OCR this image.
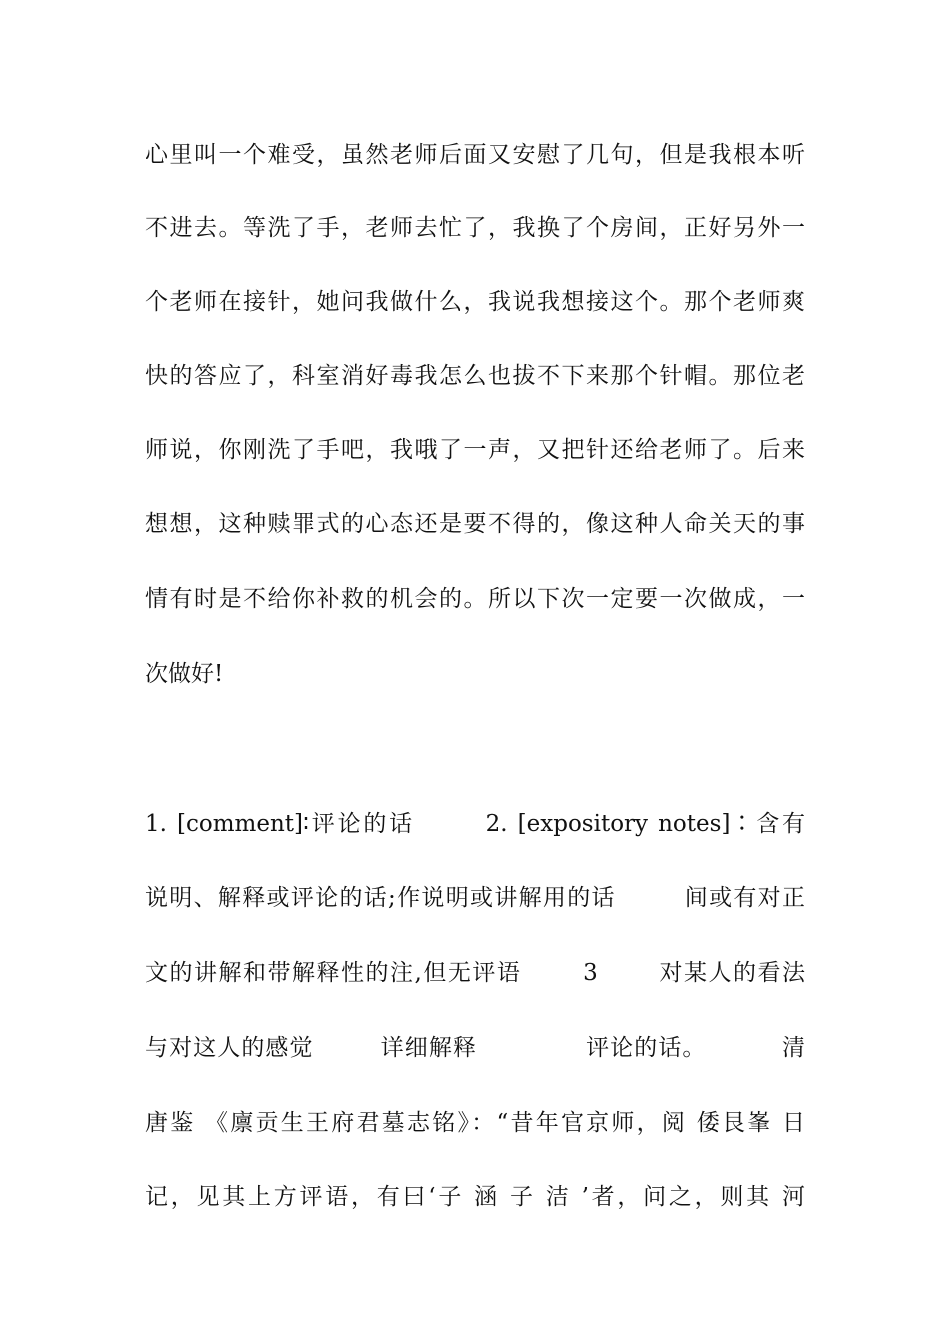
心里叫一个难受，虽然老师后面又安慰了几句，但是我根本听
不进去。等洗了手，老师去忙了，我换了个房间，正好另外一
个老师在接针，她问我做什么，我说我想接这个。那个老师爽
快的答应了，科室消好毒我怎么也拔不下来那个针帽。那位老
师说，你刚洗了手吧，我哦了一声，又把针还给老师了。后来
想想，这种赎罪式的心态还是要不得的，像这种人命关天的事
情有时是不给你补救的机会的。所以下次一定要一次做成，一
次做好!
1. [comment]∶评论的话       2. [expository notes]∶含有
说明、解释或评论的话;作说明或讲解用的话        间或有对正
文的讲解和带解释性的注,但无评语       3       对某人的看法
与对这人的感觉        详细解释             评论的话。         清
唐鉴 《廪贡生王府君墓志铭》：“昔年官京师，阅 倭艮峯 日
记，见其上方评语，有曰‘子 涵 子 洁 ’者，问之，则其 河
